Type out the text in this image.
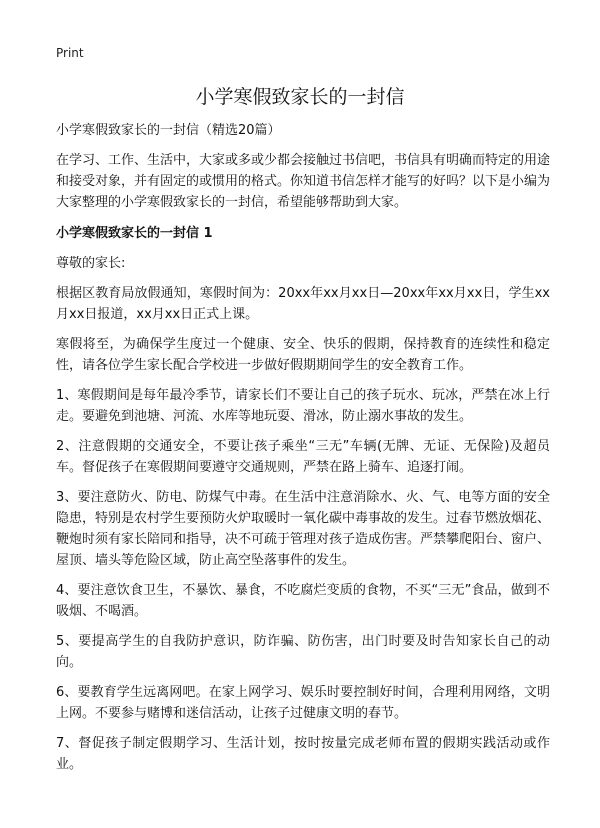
Print
小学寒假致家长的一封信

小学寒假致家长的一封信（精选20篇）

在学习、工作、生活中，大家或多或少都会接触过书信吧，书信具有明确而特定的用途和接受对象，并有固定的或惯用的格式。你知道书信怎样才能写的好吗？以下是小编为大家整理的小学寒假致家长的一封信，希望能够帮助到大家。

小学寒假致家长的一封信 1

尊敬的家长:

根据区教育局放假通知，寒假时间为：20xx年xx月xx日—20xx年xx月xx日，学生xx月xx日报道，xx月xx日正式上课。

寒假将至，为确保学生度过一个健康、安全、快乐的假期，保持教育的连续性和稳定性，请各位学生家长配合学校进一步做好假期期间学生的安全教育工作。

1、寒假期间是每年最冷季节，请家长们不要让自己的孩子玩水、玩冰，严禁在冰上行走。要避免到池塘、河流、水库等地玩耍、滑冰，防止溺水事故的发生。

2、注意假期的交通安全，不要让孩子乘坐“三无”车辆(无牌、无证、无保险)及超员车。督促孩子在寒假期间要遵守交通规则，严禁在路上骑车、追逐打闹。

3、要注意防火、防电、防煤气中毒。在生活中注意消除水、火、气、电等方面的安全隐患，特别是农村学生要预防火炉取暖时一氧化碳中毒事故的发生。过春节燃放烟花、鞭炮时须有家长陪同和指导，决不可疏于管理对孩子造成伤害。严禁攀爬阳台、窗户、屋顶、墙头等危险区域，防止高空坠落事件的发生。

4、要注意饮食卫生，不暴饮、暴食，不吃腐烂变质的食物，不买“三无”食品，做到不吸烟、不喝酒。

5、要提高学生的自我防护意识，防诈骗、防伤害，出门时要及时告知家长自己的动向。

6、要教育学生远离网吧。在家上网学习、娱乐时要控制好时间，合理利用网络，文明上网。不要参与赌博和迷信活动，让孩子过健康文明的春节。

7、督促孩子制定假期学习、生活计划，按时按量完成老师布置的假期实践活动或作业。
